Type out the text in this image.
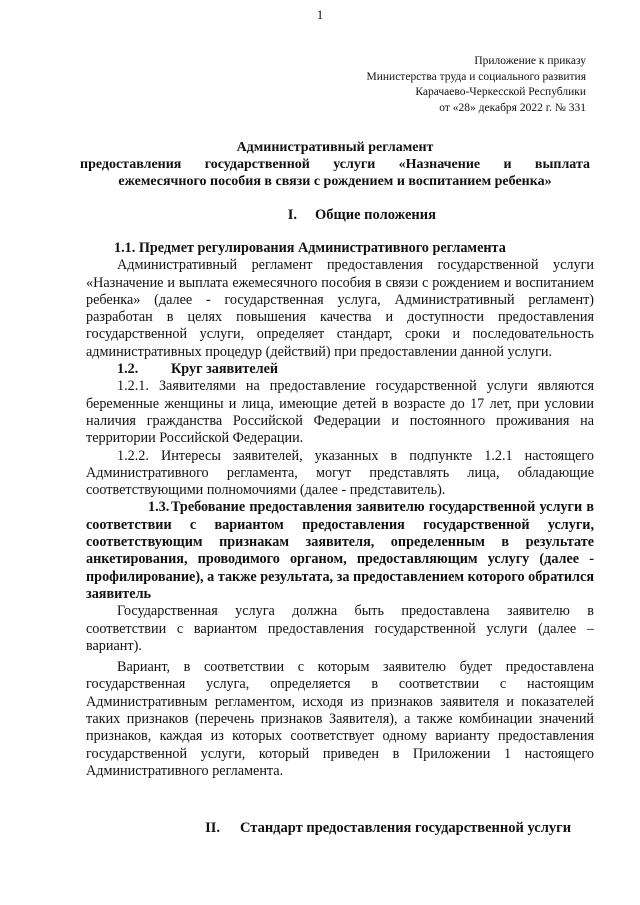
1
Приложение к приказу
Министерства труда и социального развития
Карачаево-Черкесской Республики
от «28» декабря 2022 г. № 331
Административный регламент
предоставления государственной услуги «Назначение и выплата
ежемесячного пособия в связи с рождением и воспитанием ребенка»
I. Общие положения

1.1. Предмет регулирования Административного регламента

Административный регламент предоставления государственной услуги «Назначение и выплата ежемесячного пособия в связи с рождением и воспитанием ребенка» (далее - государственная услуга, Административный регламент) разработан в целях повышения качества и доступности предоставления государственной услуги, определяет стандарт, сроки и последовательность административных процедур (действий) при предоставлении данной услуги.

1.2. Круг заявителей

1.2.1. Заявителями на предоставление государственной услуги являются беременные женщины и лица, имеющие детей в возрасте до 17 лет, при условии наличия гражданства Российской Федерации и постоянного проживания на территории Российской Федерации.

1.2.2. Интересы заявителей, указанных в подпункте 1.2.1 настоящего Административного регламента, могут представлять лица, обладающие соответствующими полномочиями (далее - представитель).

1.3. Требование предоставления заявителю государственной услуги в соответствии с вариантом предоставления государственной услуги, соответствующим признакам заявителя, определенным в результате анкетирования, проводимого органом, предоставляющим услугу (далее - профилирование), а также результата, за предоставлением которого обратился заявитель

Государственная услуга должна быть предоставлена заявителю в соответствии с вариантом предоставления государственной услуги (далее – вариант).

Вариант, в соответствии с которым заявителю будет предоставлена государственная услуга, определяется в соответствии с настоящим Административным регламентом, исходя из признаков заявителя и показателей таких признаков (перечень признаков Заявителя), а также комбинации значений признаков, каждая из которых соответствует одному варианту предоставления государственной услуги, который приведен в Приложении 1 настоящего Административного регламента.

II. Стандарт предоставления государственной услуги
